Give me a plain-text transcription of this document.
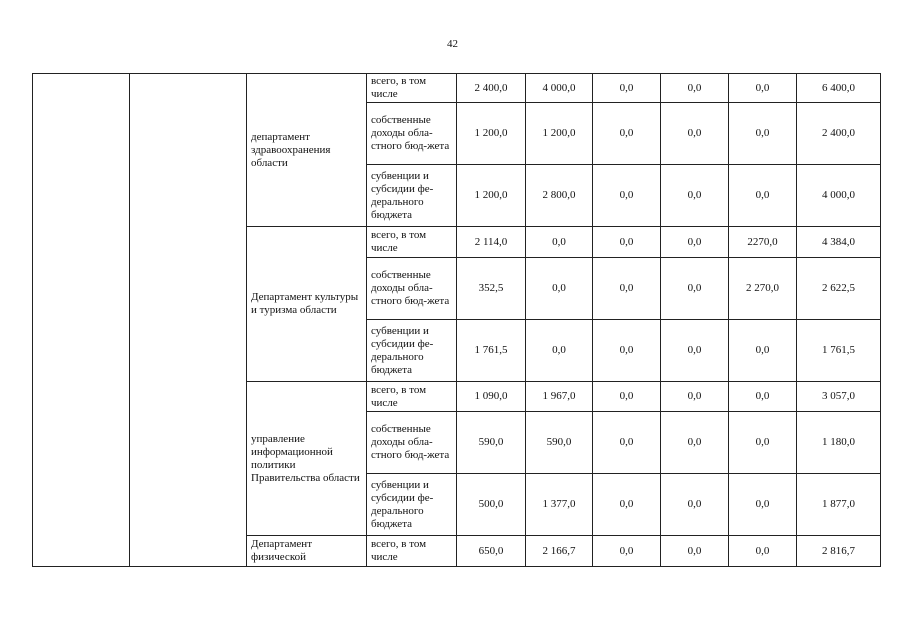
42
		департамент здравоохранения области	всего, в том числе	2 400,0	4 000,0	0,0	0,0	0,0	6 400,0
			собственные доходы обла-стного бюд-жета	1 200,0	1 200,0	0,0	0,0	0,0	2 400,0
			субвенции и субсидии фе-дерального бюджета	1 200,0	2 800,0	0,0	0,0	0,0	4 000,0
		Департамент культуры и туризма области	всего, в том числе	2 114,0	0,0	0,0	0,0	2270,0	4 384,0
			собственные доходы обла-стного бюд-жета	352,5	0,0	0,0	0,0	2 270,0	2 622,5
			субвенции и субсидии фе-дерального бюджета	1 761,5	0,0	0,0	0,0	0,0	1 761,5
		управление информационной политики Правительства области	всего, в том числе	1 090,0	1 967,0	0,0	0,0	0,0	3 057,0
			собственные доходы обла-стного бюд-жета	590,0	590,0	0,0	0,0	0,0	1 180,0
			субвенции и субсидии фе-дерального бюджета	500,0	1 377,0	0,0	0,0	0,0	1 877,0
		Департамент физической	всего, в том числе	650,0	2 166,7	0,0	0,0	0,0	2 816,7
